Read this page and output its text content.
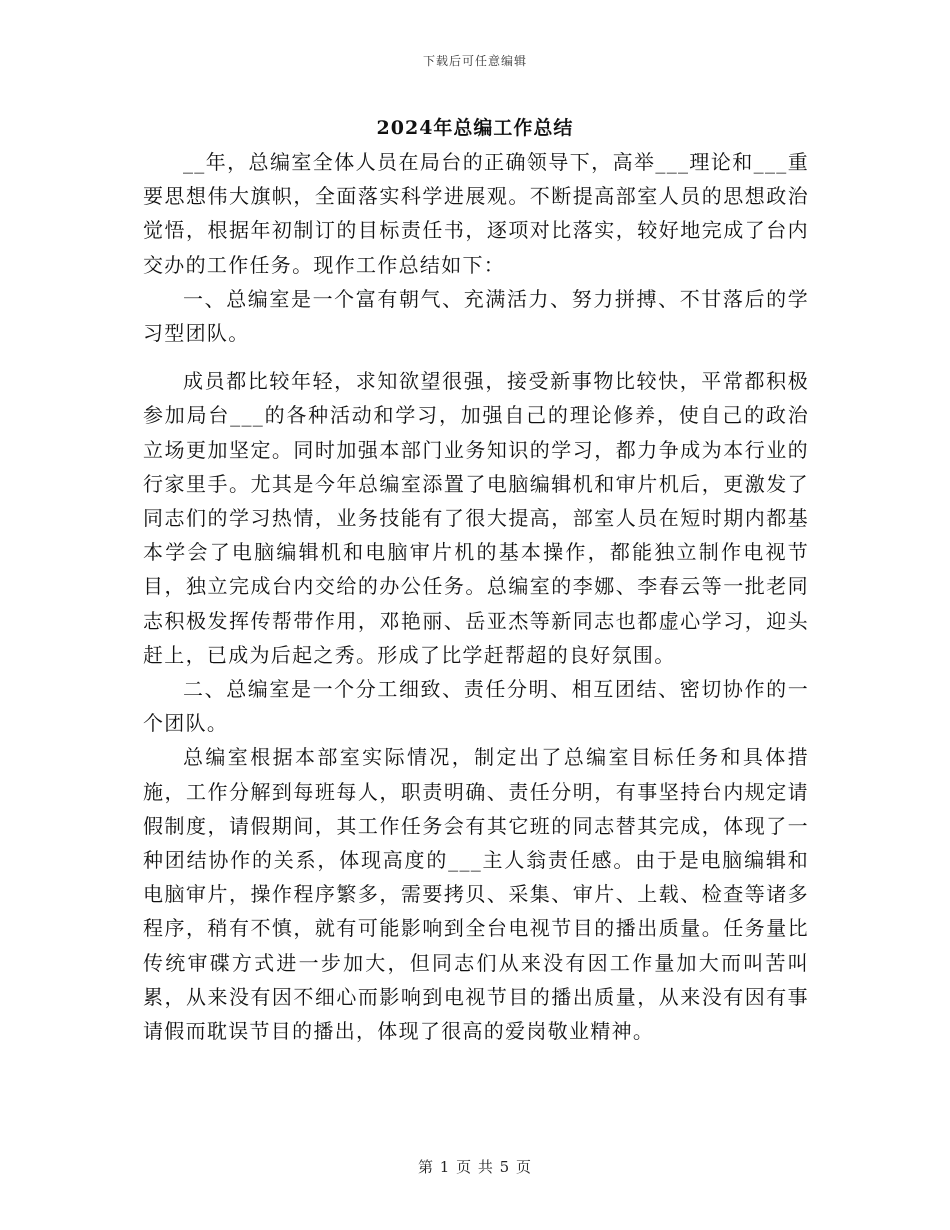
下载后可任意编辑
2024年总编工作总结

__年，总编室全体人员在局台的正确领导下，高举___理论和___重要思想伟大旗帜，全面落实科学进展观。不断提高部室人员的思想政治觉悟，根据年初制订的目标责任书，逐项对比落实，较好地完成了台内交办的工作任务。现作工作总结如下：

一、总编室是一个富有朝气、充满活力、努力拼搏、不甘落后的学习型团队。

成员都比较年轻，求知欲望很强，接受新事物比较快，平常都积极参加局台___的各种活动和学习，加强自己的理论修养，使自己的政治立场更加坚定。同时加强本部门业务知识的学习，都力争成为本行业的行家里手。尤其是今年总编室添置了电脑编辑机和审片机后，更激发了同志们的学习热情，业务技能有了很大提高，部室人员在短时期内都基本学会了电脑编辑机和电脑审片机的基本操作，都能独立制作电视节目，独立完成台内交给的办公任务。总编室的李娜、李春云等一批老同志积极发挥传帮带作用，邓艳丽、岳亚杰等新同志也都虚心学习，迎头赶上，已成为后起之秀。形成了比学赶帮超的良好氛围。

二、总编室是一个分工细致、责任分明、相互团结、密切协作的一个团队。

总编室根据本部室实际情况，制定出了总编室目标任务和具体措施，工作分解到每班每人，职责明确、责任分明，有事坚持台内规定请假制度，请假期间，其工作任务会有其它班的同志替其完成，体现了一种团结协作的关系，体现高度的___主人翁责任感。由于是电脑编辑和电脑审片，操作程序繁多，需要拷贝、采集、审片、上载、检查等诸多程序，稍有不慎，就有可能影响到全台电视节目的播出质量。任务量比传统审碟方式进一步加大，但同志们从来没有因工作量加大而叫苦叫累，从来没有因不细心而影响到电视节目的播出质量，从来没有因有事请假而耽误节目的播出，体现了很高的爱岗敬业精神。

第 1 页 共 5 页
